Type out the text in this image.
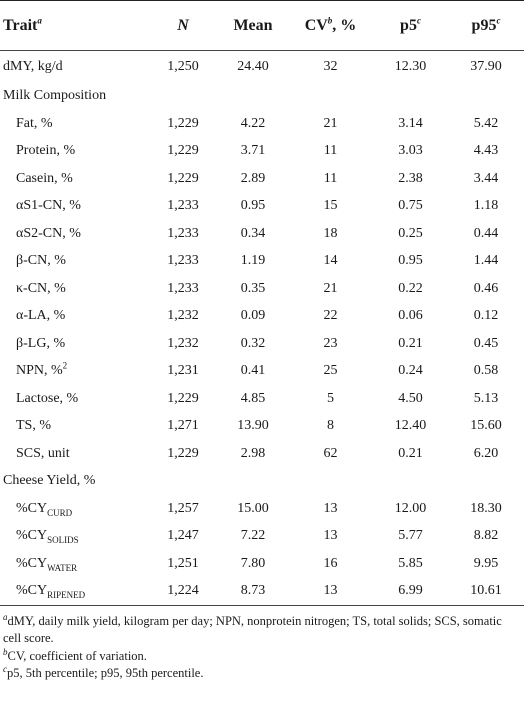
Trait$^a$	N	Mean	$CV^b$, %	p5$^c$	p95$^c$
dMY, kg/d	1,250	24.40	32	12.30	37.90
Milk Composition					
Fat, %	1,229	4.22	21	3.14	5.42
Protein, %	1,229	3.71	11	3.03	4.43
Casein, %	1,229	2.89	11	2.38	3.44
αS1-CN, %	1,233	0.95	15	0.75	1.18
αS2-CN, %	1,233	0.34	18	0.25	0.44
β-CN, %	1,233	1.19	14	0.95	1.44
κ-CN, %	1,233	0.35	21	0.22	0.46
α-LA, %	1,232	0.09	22	0.06	0.12
β-LG, %	1,232	0.32	23	0.21	0.45
NPN, %$^2$	1,231	0.41	25	0.24	0.58
Lactose, %	1,229	4.85	5	4.50	5.13
TS, %	1,271	13.90	8	12.40	15.60
SCS, unit	1,229	2.98	62	0.21	6.20
Cheese Yield, %					
$\%CY_{CURD}$	1,257	15.00	13	12.00	18.30
$\%CY_{SOLIDS}$	1,247	7.22	13	5.77	8.82
$\%CY_{WATER}$	1,251	7.80	16	5.85	9.95
$\%CY_{RIPENED}$	1,224	8.73	13	6.99	10.61

$^a$dMY, daily milk yield, kilogram per day; NPN, nonprotein nitrogen; TS, total solids; SCS, somatic cell score.

$^b$CV, coefficient of variation.

$^c$p5, 5th percentile; p95, 95th percentile.
